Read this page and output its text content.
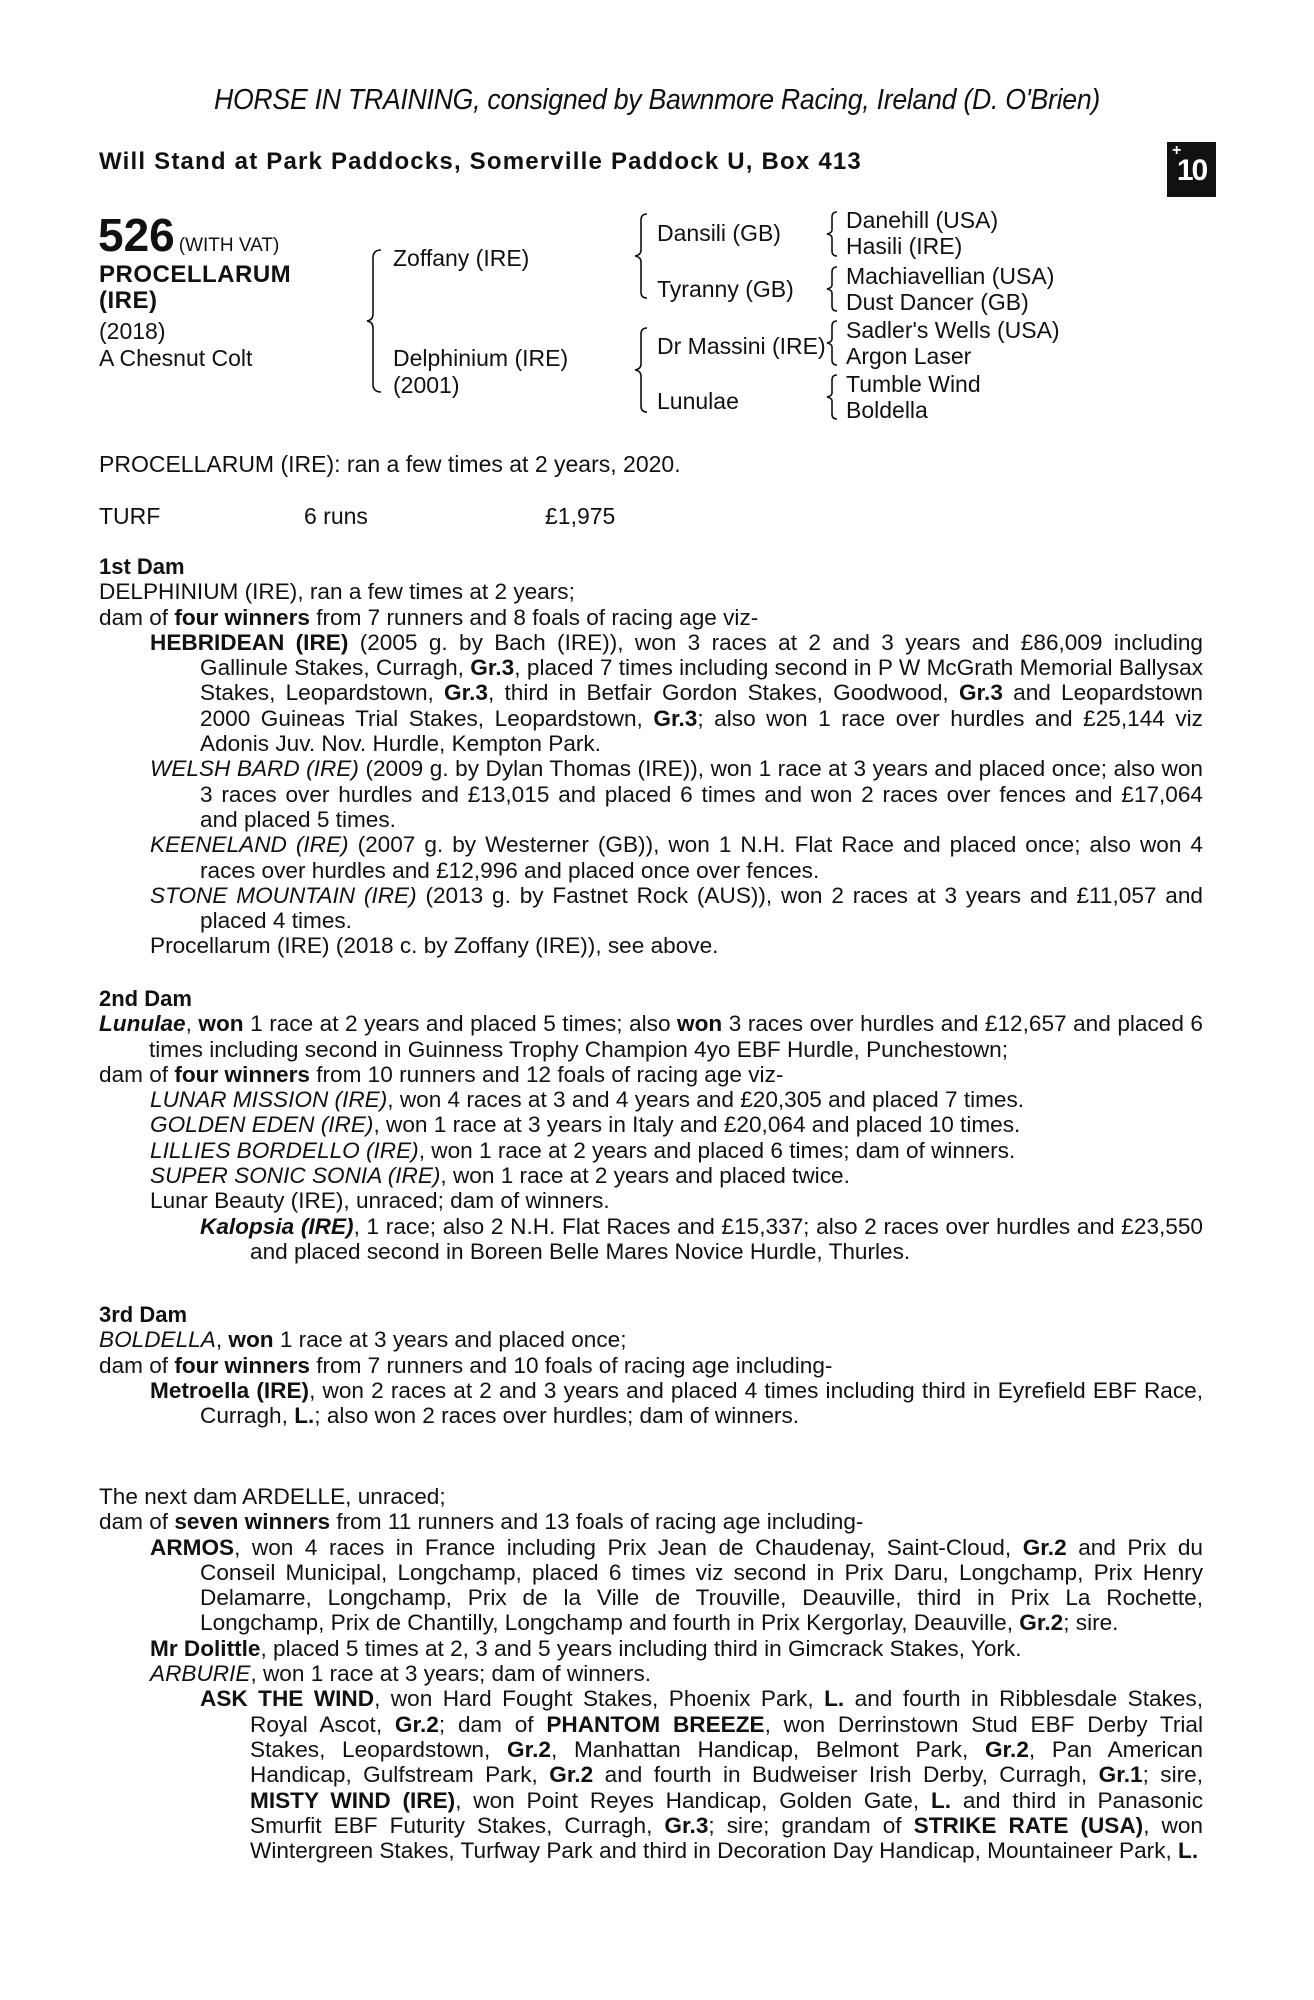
HORSE IN TRAINING, consigned by Bawnmore Racing, Ireland (D. O'Brien)
Will Stand at Park Paddocks, Somerville Paddock U, Box 413	+
10
526 (WITH VAT)
PROCELLARUM
(IRE)
(2018)
A Chesnut Colt
Zoffany (IRE)
Delphinium (IRE)
(2001)
Dansili (GB)
Tyranny (GB)
Dr Massini (IRE)
Lunulae
Danehill (USA)
Hasili (IRE)
Machiavellian (USA)
Dust Dancer (GB)
Sadler's Wells (USA)
Argon Laser
Tumble Wind
Boldella
PROCELLARUM (IRE): ran a few times at 2 years, 2020.
TURF	6 runs	£1,975
1st Dam
DELPHINIUM (IRE), ran a few times at 2 years;
dam of four winners from 7 runners and 8 foals of racing age viz-
HEBRIDEAN (IRE) (2005 g. by Bach (IRE)), won 3 races at 2 and 3 years and £86,009 including Gallinule Stakes, Curragh, Gr.3, placed 7 times including second in P W McGrath Memorial Ballysax Stakes, Leopardstown, Gr.3, third in Betfair Gordon Stakes, Goodwood, Gr.3 and Leopardstown 2000 Guineas Trial Stakes, Leopardstown, Gr.3; also won 1 race over hurdles and £25,144 viz Adonis Juv. Nov. Hurdle, Kempton Park.
WELSH BARD (IRE) (2009 g. by Dylan Thomas (IRE)), won 1 race at 3 years and placed once; also won 3 races over hurdles and £13,015 and placed 6 times and won 2 races over fences and £17,064 and placed 5 times.
KEENELAND (IRE) (2007 g. by Westerner (GB)), won 1 N.H. Flat Race and placed once; also won 4 races over hurdles and £12,996 and placed once over fences.
STONE MOUNTAIN (IRE) (2013 g. by Fastnet Rock (AUS)), won 2 races at 3 years and £11,057 and placed 4 times.
Procellarum (IRE) (2018 c. by Zoffany (IRE)), see above.
2nd Dam
Lunulae, won 1 race at 2 years and placed 5 times; also won 3 races over hurdles and £12,657 and placed 6 times including second in Guinness Trophy Champion 4yo EBF Hurdle, Punchestown;
dam of four winners from 10 runners and 12 foals of racing age viz-
LUNAR MISSION (IRE), won 4 races at 3 and 4 years and £20,305 and placed 7 times.
GOLDEN EDEN (IRE), won 1 race at 3 years in Italy and £20,064 and placed 10 times.
LILLIES BORDELLO (IRE), won 1 race at 2 years and placed 6 times; dam of winners.
SUPER SONIC SONIA (IRE), won 1 race at 2 years and placed twice.
Lunar Beauty (IRE), unraced; dam of winners.
Kalopsia (IRE), 1 race; also 2 N.H. Flat Races and £15,337; also 2 races over hurdles and £23,550 and placed second in Boreen Belle Mares Novice Hurdle, Thurles.
3rd Dam
BOLDELLA, won 1 race at 3 years and placed once;
dam of four winners from 7 runners and 10 foals of racing age including-
Metroella (IRE), won 2 races at 2 and 3 years and placed 4 times including third in Eyrefield EBF Race, Curragh, L.; also won 2 races over hurdles; dam of winners.
The next dam ARDELLE, unraced;
dam of seven winners from 11 runners and 13 foals of racing age including-
ARMOS, won 4 races in France including Prix Jean de Chaudenay, Saint-Cloud, Gr.2 and Prix du Conseil Municipal, Longchamp, placed 6 times viz second in Prix Daru, Longchamp, Prix Henry Delamarre, Longchamp, Prix de la Ville de Trouville, Deauville, third in Prix La Rochette, Longchamp, Prix de Chantilly, Longchamp and fourth in Prix Kergorlay, Deauville, Gr.2; sire.
Mr Dolittle, placed 5 times at 2, 3 and 5 years including third in Gimcrack Stakes, York.
ARBURIE, won 1 race at 3 years; dam of winners.
ASK THE WIND, won Hard Fought Stakes, Phoenix Park, L. and fourth in Ribblesdale Stakes, Royal Ascot, Gr.2; dam of PHANTOM BREEZE, won Derrinstown Stud EBF Derby Trial Stakes, Leopardstown, Gr.2, Manhattan Handicap, Belmont Park, Gr.2, Pan American Handicap, Gulfstream Park, Gr.2 and fourth in Budweiser Irish Derby, Curragh, Gr.1; sire, MISTY WIND (IRE), won Point Reyes Handicap, Golden Gate, L. and third in Panasonic Smurfit EBF Futurity Stakes, Curragh, Gr.3; sire; grandam of STRIKE RATE (USA), won Wintergreen Stakes, Turfway Park and third in Decoration Day Handicap, Mountaineer Park, L.
